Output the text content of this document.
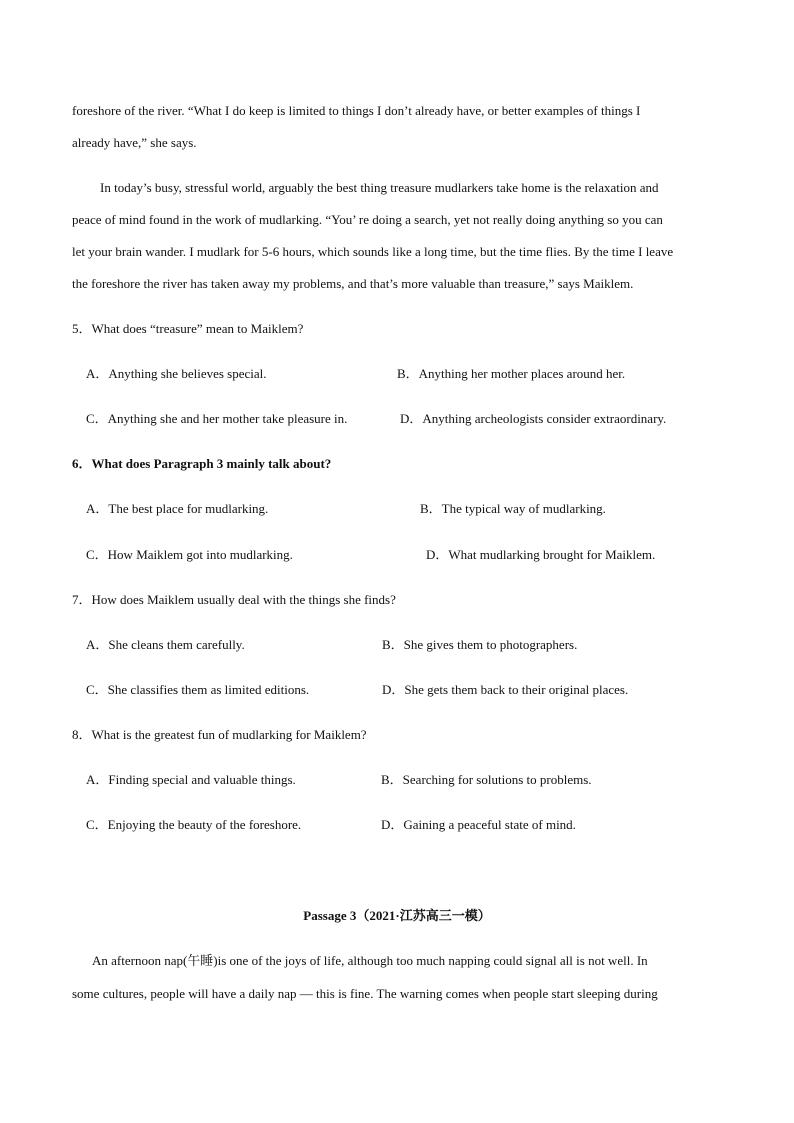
foreshore of the river. “What I do keep is limited to things I don’t already have, or better examples of things I
already have,” she says.
In today’s busy, stressful world, arguably the best thing treasure mudlarkers take home is the relaxation and
peace of mind found in the work of mudlarking. “You’ re doing a search, yet not really doing anything so you can
let your brain wander. I mudlark for 5-6 hours, which sounds like a long time, but the time flies. By the time I leave
the foreshore the river has taken away my problems, and that’s more valuable than treasure,” says Maiklem.
5．What does “treasure” mean to Maiklem?
A．Anything she believes special.	B．Anything her mother places around her.
C．Anything she and her mother take pleasure in.	D．Anything archeologists consider extraordinary.
6．What does Paragraph 3 mainly talk about?
A．The best place for mudlarking.	B．The typical way of mudlarking.
C．How Maiklem got into mudlarking.	D．What mudlarking brought for Maiklem.
7．How does Maiklem usually deal with the things she finds?
A．She cleans them carefully.	B．She gives them to photographers.
C．She classifies them as limited editions.	D．She gets them back to their original places.
8．What is the greatest fun of mudlarking for Maiklem?
A．Finding special and valuable things.	B．Searching for solutions to problems.
C．Enjoying the beauty of the foreshore.	D．Gaining a peaceful state of mind.
Passage 3（2021·江苏高三一模）
An afternoon nap(午睡)is one of the joys of life, although too much napping could signal all is not well. In
some cultures, people will have a daily nap — this is fine. The warning comes when people start sleeping during
